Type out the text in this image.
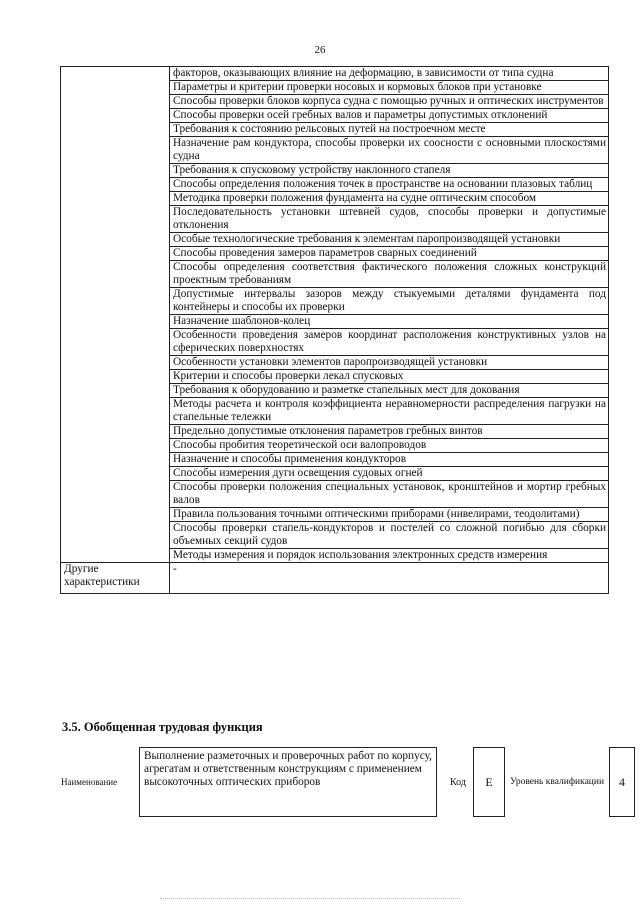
26
	факторов, оказывающих влияние на деформацию, в зависимости от типа судна
	Параметры и критерии проверки носовых и кормовых блоков при установке
	Способы проверки блоков корпуса судна с помощью ручных и оптических инструментов
	Способы проверки осей гребных валов и параметры допустимых отклонений
	Требования к состоянию рельсовых путей на построечном месте
	Назначение рам кондуктора, способы проверки их соосности с основными плоскостями судна
	Требования к спусковому устройству наклонного стапеля
	Способы определения положения точек в пространстве на основании плазовых таблиц
	Методика проверки положения фундамента на судне оптическим способом
	Последовательность установки штевней судов, способы проверки и допустимые отклонения
	Особые технологические требования к элементам паропроизводящей установки
	Способы проведения замеров параметров сварных соединений
	Способы определения соответствия фактического положения сложных конструкций проектным требованиям
	Допустимые интервалы зазоров между стыкуемыми деталями фундамента под контейнеры и способы их проверки
	Назначение шаблонов-колец
	Особенности проведения замеров координат расположения конструктивных узлов на сферических поверхностях
	Особенности установки элементов паропроизводящей установки
	Критерии и способы проверки лекал спусковых
	Требования к оборудованию и разметке стапельных мест для докования
	Методы расчета и контроля коэффициента неравномерности распределения пагрузки на стапельные тележки
	Предельно допустимые отклонения параметров гребных винтов
	Способы пробития теоретической оси валопроводов
	Назначение и способы применения кондукторов
	Способы измерения дуги освещения судовых огней
	Способы проверки положения специальных установок, кронштейнов и мортир гребных валов
	Правила пользования точными оптическими приборами (нивелирами, теодолитами)
	Способы проверки стапель-кондукторов и постелей со сложной погибью для сборки объемных секций судов
	Методы измерения и порядок использования электронных средств измерения
Другие характеристики	-
3.5. Обобщенная трудовая функция
Наименование	Выполнение разметочных и проверочных работ по корпусу, агрегатам и ответственным конструкциям с применением высокоточных оптических приборов		Код	E	Уровень квалификации	4
